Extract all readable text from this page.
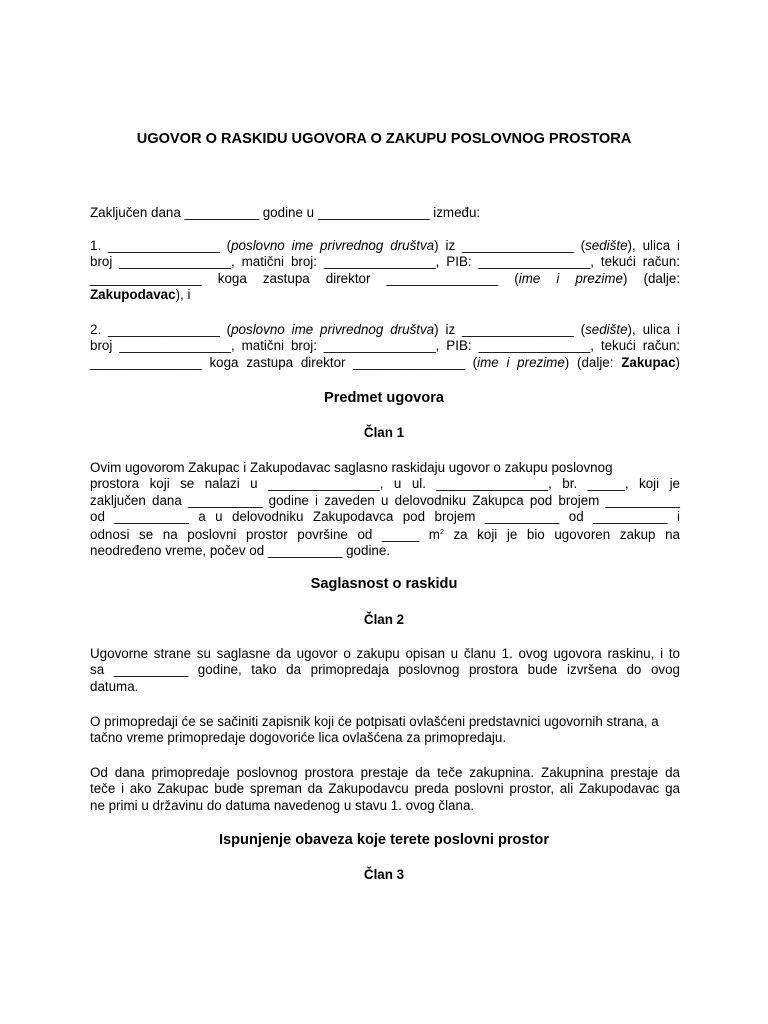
UGOVOR O RASKIDU UGOVORA O ZAKUPU POSLOVNOG PROSTORA
Zaključen dana __________ godine u _______________ između:
1. _______________ (poslovno ime privrednog društva) iz _______________ (sedište), ulica i
broj _______________, matični broj: _______________, PIB: _______________, tekući račun:
_______________ koga zastupa direktor _______________ (ime i prezime) (dalje:
Zakupodavac), i
2. _______________ (poslovno ime privrednog društva) iz _______________ (sedište), ulica i
broj _______________, matični broj: _______________, PIB: _______________, tekući račun:
_______________ koga zastupa direktor _______________ (ime i prezime) (dalje: Zakupac)
Predmet ugovora
Član 1
Ovim ugovorom Zakupac i Zakupodavac saglasno raskidaju ugovor o zakupu poslovnog
prostora koji se nalazi u _______________, u ul. _______________, br. _____, koji je
zaključen dana __________ godine i zaveden u delovodniku Zakupca pod brojem __________
od __________ a u delovodniku Zakupodavca pod brojem __________ od __________ i
odnosi se na poslovni prostor površine od _____ $m^2$ za koji je bio ugovoren zakup na
neodređeno vreme, počev od __________ godine.
Saglasnost o raskidu
Član 2
Ugovorne strane su saglasne da ugovor o zakupu opisan u članu 1. ovog ugovora raskinu, i to
sa __________ godine, tako da primopredaja poslovnog prostora bude izvršena do ovog
datuma.
O primopredaji će se sačiniti zapisnik koji će potpisati ovlašćeni predstavnici ugovornih strana, a
tačno vreme primopredaje dogovoriće lica ovlašćena za primopredaju.
Od dana primopredaje poslovnog prostora prestaje da teče zakupnina. Zakupnina prestaje da
teče i ako Zakupac bude spreman da Zakupodavcu preda poslovni prostor, ali Zakupodavac ga
ne primi u državinu do datuma navedenog u stavu 1. ovog člana.
Ispunjenje obaveza koje terete poslovni prostor
Član 3
